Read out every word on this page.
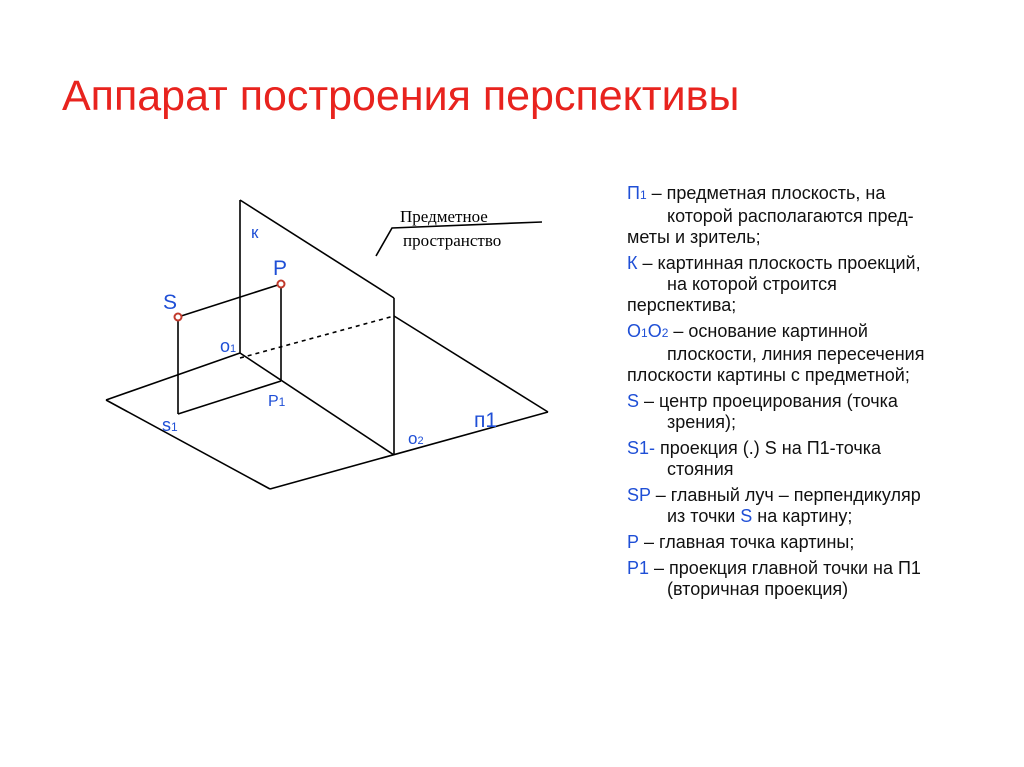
Аппарат построения перспективы
к
Р
S
о1
Р1
s1
о2
п1
Предметное
пространство
П1 – предметная плоскость, на
которой располагаются пред-
меты и зритель;
К – картинная плоскость проекций,
на которой строится
перспектива;
О1О2 – основание картинной
плоскости, линия пересечения
плоскости картины с предметной;
S – центр проецирования (точка
зрения);
S1- проекция (.) S на П1-точка
стояния
SP – главный луч – перпендикуляр
из точки S на картину;
Р – главная точка картины;
Р1 – проекция главной точки на П1
(вторичная проекция)
